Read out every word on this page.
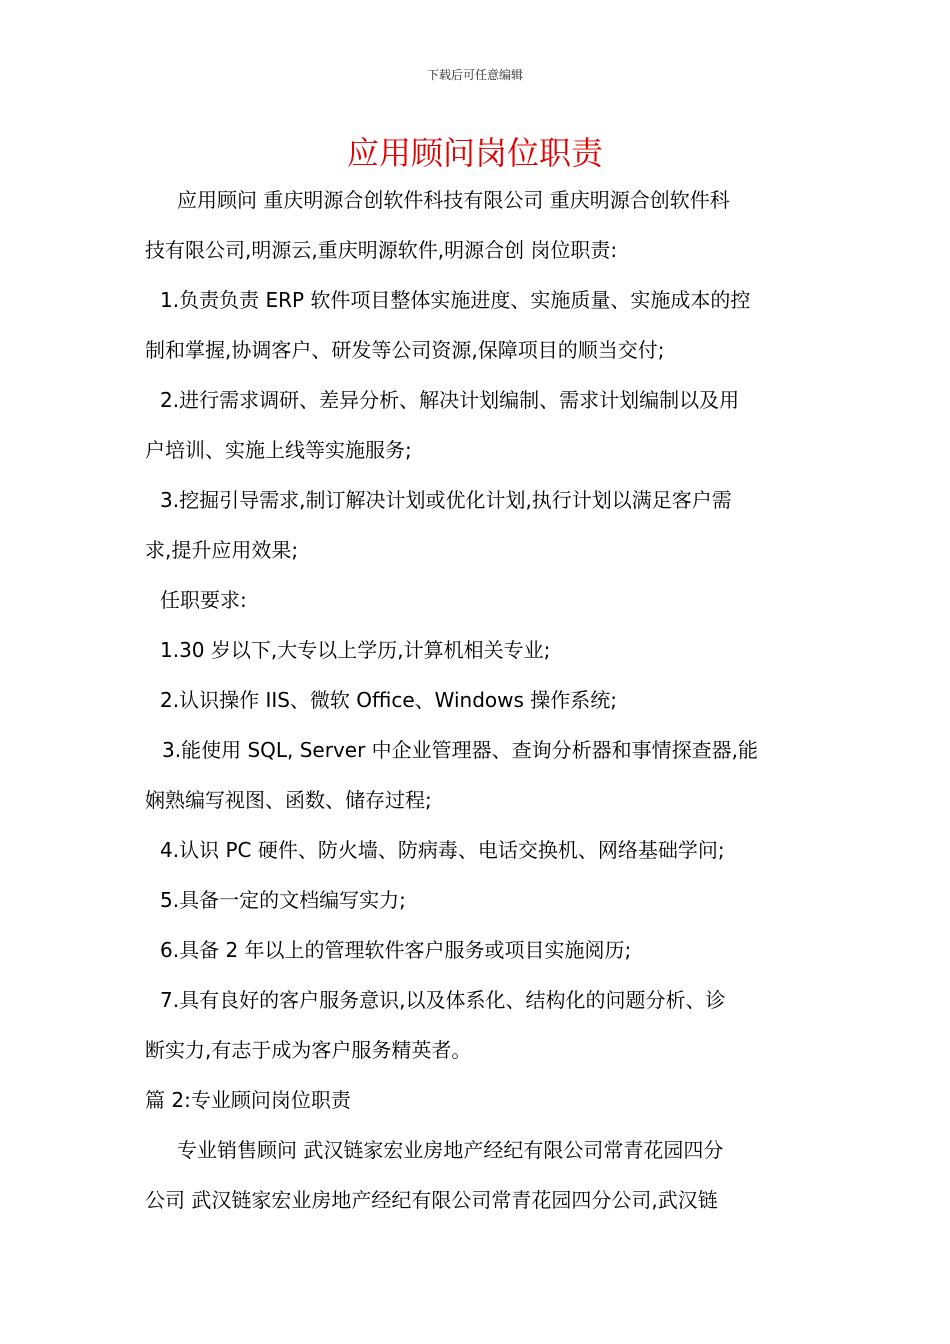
下载后可任意编辑
应用顾问岗位职责
应用顾问 重庆明源合创软件科技有限公司 重庆明源合创软件科
技有限公司,明源云,重庆明源软件,明源合创 岗位职责:
1.负责负责 ERP 软件项目整体实施进度、实施质量、实施成本的控
制和掌握,协调客户、研发等公司资源,保障项目的顺当交付;
2.进行需求调研、差异分析、解决计划编制、需求计划编制以及用
户培训、实施上线等实施服务;
3.挖掘引导需求,制订解决计划或优化计划,执行计划以满足客户需
求,提升应用效果;
任职要求:
1.30 岁以下,大专以上学历,计算机相关专业;
2.认识操作 IIS、微软 Office、Windows 操作系统;
3.能使用 SQL, Server 中企业管理器、查询分析器和事情探查器,能
娴熟编写视图、函数、储存过程;
4.认识 PC 硬件、防火墙、防病毒、电话交换机、网络基础学问;
5.具备一定的文档编写实力;
6.具备 2 年以上的管理软件客户服务或项目实施阅历;
7.具有良好的客户服务意识,以及体系化、结构化的问题分析、诊
断实力,有志于成为客户服务精英者。
篇 2:专业顾问岗位职责
专业销售顾问 武汉链家宏业房地产经纪有限公司常青花园四分
公司 武汉链家宏业房地产经纪有限公司常青花园四分公司,武汉链
